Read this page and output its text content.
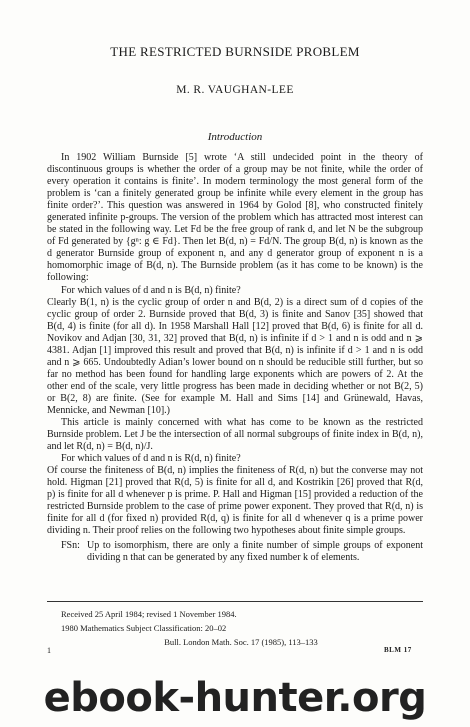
THE RESTRICTED BURNSIDE PROBLEM
M. R. VAUGHAN-LEE
Introduction

In 1902 William Burnside [5] wrote ‘A still undecided point in the theory of discontinuous groups is whether the order of a group may be not finite, while the order of every operation it contains is finite’. In modern terminology the most general form of the problem is ‘can a finitely generated group be infinite while every element in the group has finite order?’. This question was answered in 1964 by Golod [8], who constructed finitely generated infinite p-groups. The version of the problem which has attracted most interest can be stated in the following way. Let Fd be the free group of rank d, and let N be the subgroup of Fd generated by {gⁿ: g ∈ Fd}. Then let B(d, n) = Fd/N. The group B(d, n) is known as the d generator Burnside group of exponent n, and any d generator group of exponent n is a homomorphic image of B(d, n). The Burnside problem (as it has come to be known) is the following:

For which values of d and n is B(d, n) finite?

Clearly B(1, n) is the cyclic group of order n and B(d, 2) is a direct sum of d copies of the cyclic group of order 2. Burnside proved that B(d, 3) is finite and Sanov [35] showed that B(d, 4) is finite (for all d). In 1958 Marshall Hall [12] proved that B(d, 6) is finite for all d. Novikov and Adjan [30, 31, 32] proved that B(d, n) is infinite if d > 1 and n is odd and n ⩾ 4381. Adjan [1] improved this result and proved that B(d, n) is infinite if d > 1 and n is odd and n ⩾ 665. Undoubtedly Adian’s lower bound on n should be reducible still further, but so far no method has been found for handling large exponents which are powers of 2. At the other end of the scale, very little progress has been made in deciding whether or not B(2, 5) or B(2, 8) are finite. (See for example M. Hall and Sims [14] and Grünewald, Havas, Mennicke, and Newman [10].)

This article is mainly concerned with what has come to be known as the restricted Burnside problem. Let J be the intersection of all normal subgroups of finite index in B(d, n), and let R(d, n) = B(d, n)/J.

For which values of d and n is R(d, n) finite?

Of course the finiteness of B(d, n) implies the finiteness of R(d, n) but the converse may not hold. Higman [21] proved that R(d, 5) is finite for all d, and Kostrikin [26] proved that R(d, p) is finite for all d whenever p is prime. P. Hall and Higman [15] provided a reduction of the restricted Burnside problem to the case of prime power exponent. They proved that R(d, n) is finite for all d (for fixed n) provided R(d, q) is finite for all d whenever q is a prime power dividing n. Their proof relies on the following two hypotheses about finite simple groups.

FSn: Up to isomorphism, there are only a finite number of simple groups of exponent dividing n that can be generated by any fixed number k of elements.
Received 25 April 1984; revised 1 November 1984.
1980 Mathematics Subject Classification: 20–02
Bull. London Math. Soc. 17 (1985), 113–133
1	BLM 17
ebook-hunter.org
